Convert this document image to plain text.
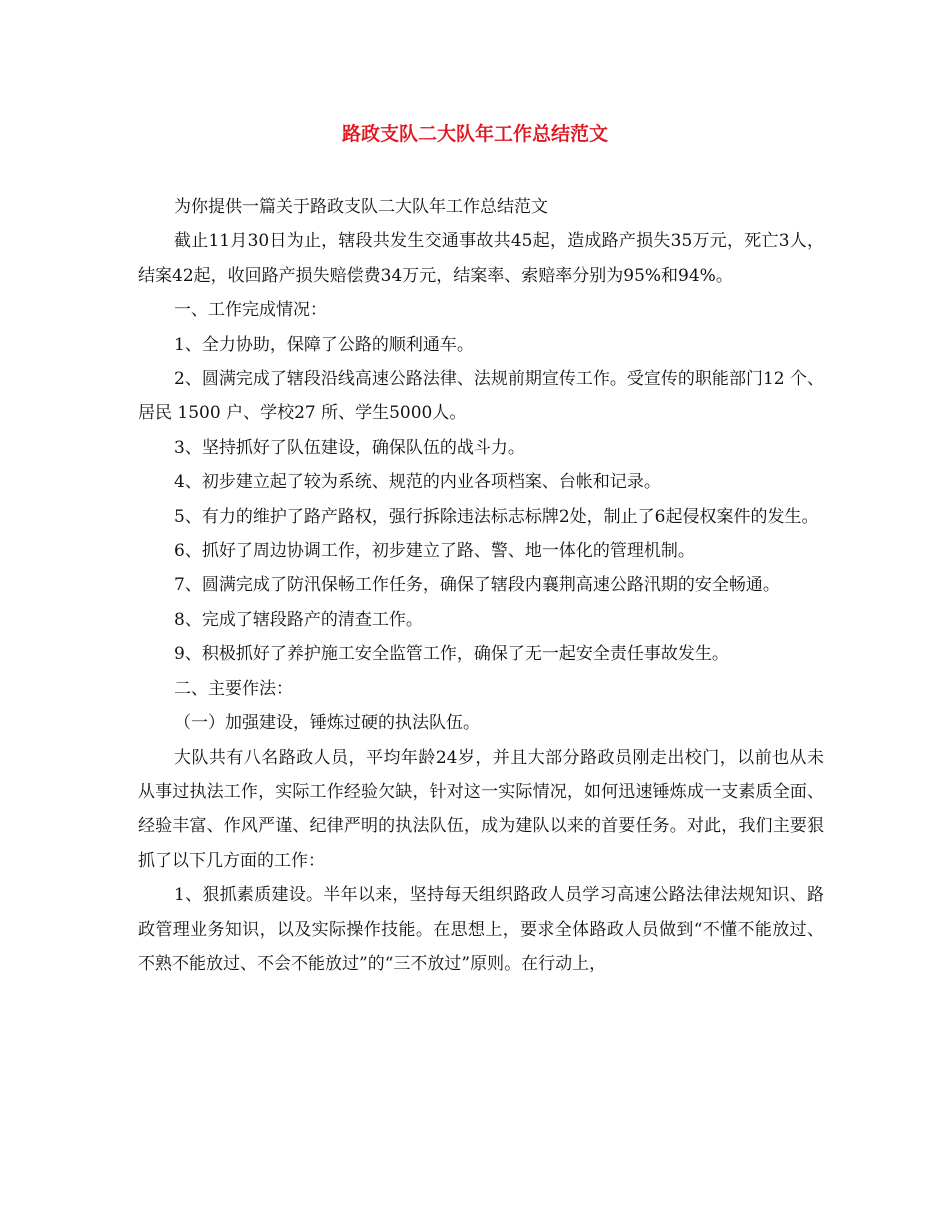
路政支队二大队年工作总结范文

为你提供一篇关于路政支队二大队年工作总结范文

截止11月30日为止，辖段共发生交通事故共45起，造成路产损失35万元，死亡3人，结案42起，收回路产损失赔偿费34万元，结案率、索赔率分别为95%和94%。

一、工作完成情况：

1、全力协助，保障了公路的顺利通车。

2、圆满完成了辖段沿线高速公路法律、法规前期宣传工作。受宣传的职能部门12 个、居民 1500 户、学校27 所、学生5000人。

3、坚持抓好了队伍建设，确保队伍的战斗力。

4、初步建立起了较为系统、规范的内业各项档案、台帐和记录。

5、有力的维护了路产路权，强行拆除违法标志标牌2处，制止了6起侵权案件的发生。

6、抓好了周边协调工作，初步建立了路、警、地一体化的管理机制。

7、圆满完成了防汛保畅工作任务，确保了辖段内襄荆高速公路汛期的安全畅通。

8、完成了辖段路产的清查工作。

9、积极抓好了养护施工安全监管工作，确保了无一起安全责任事故发生。

二、主要作法：

（一）加强建设，锤炼过硬的执法队伍。

大队共有八名路政人员，平均年龄24岁，并且大部分路政员刚走出校门，以前也从未从事过执法工作，实际工作经验欠缺，针对这一实际情况，如何迅速锤炼成一支素质全面、经验丰富、作风严谨、纪律严明的执法队伍，成为建队以来的首要任务。对此，我们主要狠抓了以下几方面的工作：

1、狠抓素质建设。半年以来，坚持每天组织路政人员学习高速公路法律法规知识、路政管理业务知识，以及实际操作技能。在思想上，要求全体路政人员做到“不懂不能放过、不熟不能放过、不会不能放过”的“三不放过”原则。在行动上，
